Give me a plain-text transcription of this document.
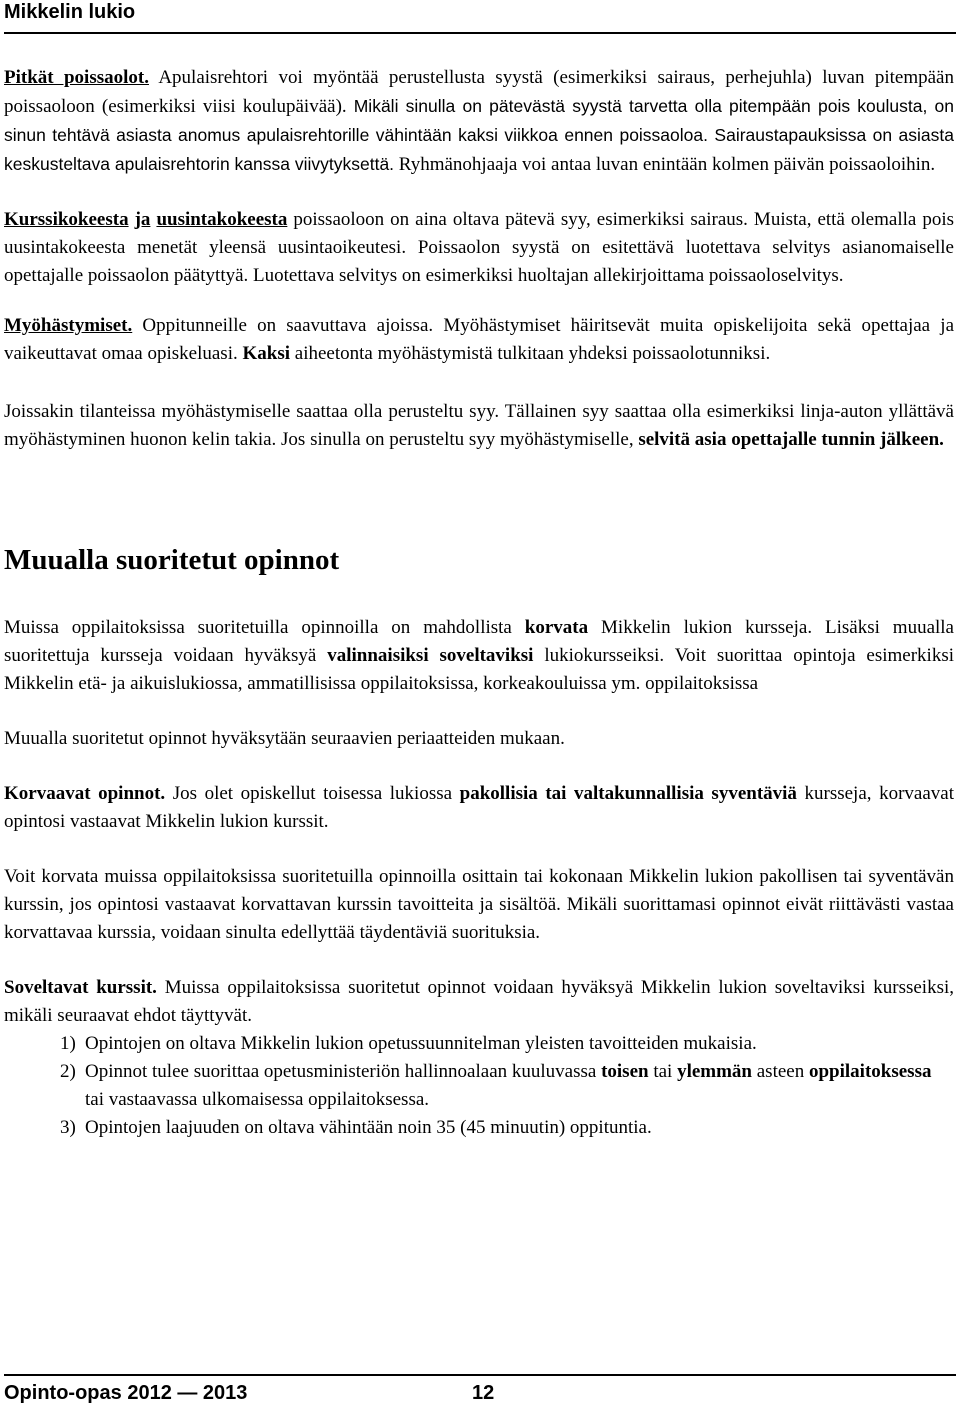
Mikkelin lukio

Pitkät poissaolot. Apulaisrehtori voi myöntää perustellusta syystä (esimerkiksi sairaus, perhejuhla) luvan pitempään poissaoloon (esimerkiksi viisi koulupäivää). Mikäli sinulla on pätevästä syystä tarvetta olla pitempään pois koulusta, on sinun tehtävä asiasta anomus apulaisrehtorille vähintään kaksi viikkoa ennen poissaoloa. Sairaustapauksissa on asiasta keskusteltava apulaisrehtorin kanssa viivytyksettä. Ryhmänohjaaja voi antaa luvan enintään kolmen päivän poissaoloihin.

Kurssikokeesta ja uusintakokeesta poissaoloon on aina oltava pätevä syy, esimerkiksi sairaus. Muista, että olemalla pois uusintakokeesta menetät yleensä uusintaoikeutesi. Poissaolon syystä on esitettävä luotettava selvitys asianomaiselle opettajalle poissaolon päätyttyä. Luotettava selvitys on esimerkiksi huoltajan allekirjoittama poissaoloselvitys.

Myöhästymiset. Oppitunneille on saavuttava ajoissa. Myöhästymiset häiritsevät muita opiskelijoita sekä opettajaa ja vaikeuttavat omaa opiskeluasi. Kaksi aiheetonta myöhästymistä tulkitaan yhdeksi poissaolotunniksi.

Joissakin tilanteissa myöhästymiselle saattaa olla perusteltu syy. Tällainen syy saattaa olla esimerkiksi linja-auton yllättävä myöhästyminen huonon kelin takia. Jos sinulla on perusteltu syy myöhästymiselle, selvitä asia opettajalle tunnin jälkeen.

Muualla suoritetut opinnot

Muissa oppilaitoksissa suoritetuilla opinnoilla on mahdollista korvata Mikkelin lukion kursseja. Lisäksi muualla suoritettuja kursseja voidaan hyväksyä valinnaisiksi soveltaviksi lukiokursseiksi. Voit suorittaa opintoja esimerkiksi Mikkelin etä- ja aikuislukiossa, ammatillisissa oppilaitoksissa, korkeakouluissa ym. oppilaitoksissa

Muualla suoritetut opinnot hyväksytään seuraavien periaatteiden mukaan.

Korvaavat opinnot. Jos olet opiskellut toisessa lukiossa pakollisia tai valtakunnallisia syventäviä kursseja, korvaavat opintosi vastaavat Mikkelin lukion kurssit.

Voit korvata muissa oppilaitoksissa suoritetuilla opinnoilla osittain tai kokonaan Mikkelin lukion pakollisen tai syventävän kurssin, jos opintosi vastaavat korvattavan kurssin tavoitteita ja sisältöä. Mikäli suorittamasi opinnot eivät riittävästi vastaa korvattavaa kurssia, voidaan sinulta edellyttää täydentäviä suorituksia.

Soveltavat kurssit. Muissa oppilaitoksissa suoritetut opinnot voidaan hyväksyä Mikkelin lukion soveltaviksi kursseiksi, mikäli seuraavat ehdot täyttyvät.

1) Opintojen on oltava Mikkelin lukion opetussuunnitelman yleisten tavoitteiden mukaisia.
2) Opinnot tulee suorittaa opetusministeriön hallinnoalaan kuuluvassa toisen tai ylemmän asteen oppilaitoksessa tai vastaavassa ulkomaisessa oppilaitoksessa.
3) Opintojen laajuuden on oltava vähintään noin 35 (45 minuutin) oppituntia.
Opinto-opas 2012 — 2013	12
